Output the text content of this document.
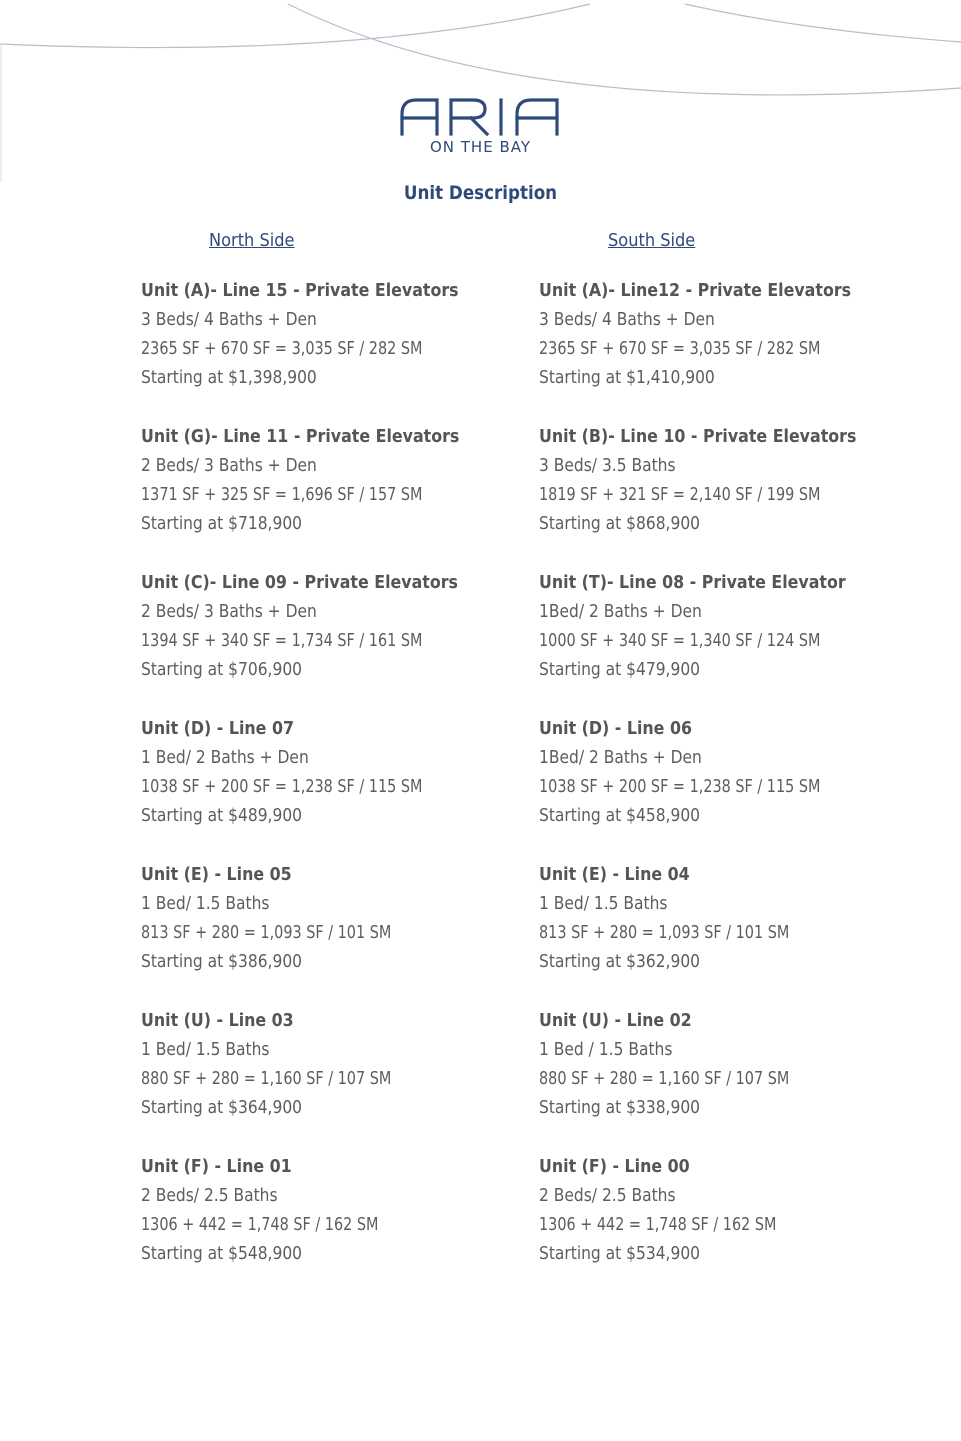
ARIA
ON THE BAY
Unit Description
North Side	South Side
Unit (A)- Line 15 - Private Elevators
3 Beds/ 4 Baths + Den
2365 SF + 670 SF = 3,035 SF / 282 SM
Starting at $1,398,900
Unit (G)- Line 11 - Private Elevators
2 Beds/ 3 Baths + Den
1371 SF + 325 SF = 1,696 SF / 157 SM
Starting at $718,900
Unit (C)- Line 09 - Private Elevators
2 Beds/ 3 Baths + Den
1394 SF + 340 SF = 1,734 SF / 161 SM
Starting at $706,900
Unit (D) - Line 07
1 Bed/ 2 Baths + Den
1038 SF + 200 SF = 1,238 SF / 115 SM
Starting at $489,900
Unit (E) - Line 05
1 Bed/ 1.5 Baths
813 SF + 280 = 1,093 SF / 101 SM
Starting at $386,900
Unit (U) - Line 03
1 Bed/ 1.5 Baths
880 SF + 280 = 1,160 SF / 107 SM
Starting at $364,900
Unit (F) - Line 01
2 Beds/ 2.5 Baths
1306 + 442 = 1,748 SF / 162 SM
Starting at $548,900
Unit (A)- Line12 - Private Elevators
3 Beds/ 4 Baths + Den
2365 SF + 670 SF = 3,035 SF / 282 SM
Starting at $1,410,900
Unit (B)- Line 10 - Private Elevators
3 Beds/ 3.5 Baths
1819 SF + 321 SF = 2,140 SF / 199 SM
Starting at $868,900
Unit (T)- Line 08 - Private Elevator
1Bed/ 2 Baths + Den
1000 SF + 340 SF = 1,340 SF / 124 SM
Starting at $479,900
Unit (D) - Line 06
1Bed/ 2 Baths + Den
1038 SF + 200 SF = 1,238 SF / 115 SM
Starting at $458,900
Unit (E) - Line 04
1 Bed/ 1.5 Baths
813 SF + 280 = 1,093 SF / 101 SM
Starting at $362,900
Unit (U) - Line 02
1 Bed / 1.5 Baths
880 SF + 280 = 1,160 SF / 107 SM
Starting at $338,900
Unit (F) - Line 00
2 Beds/ 2.5 Baths
1306 + 442 = 1,748 SF / 162 SM
Starting at $534,900
